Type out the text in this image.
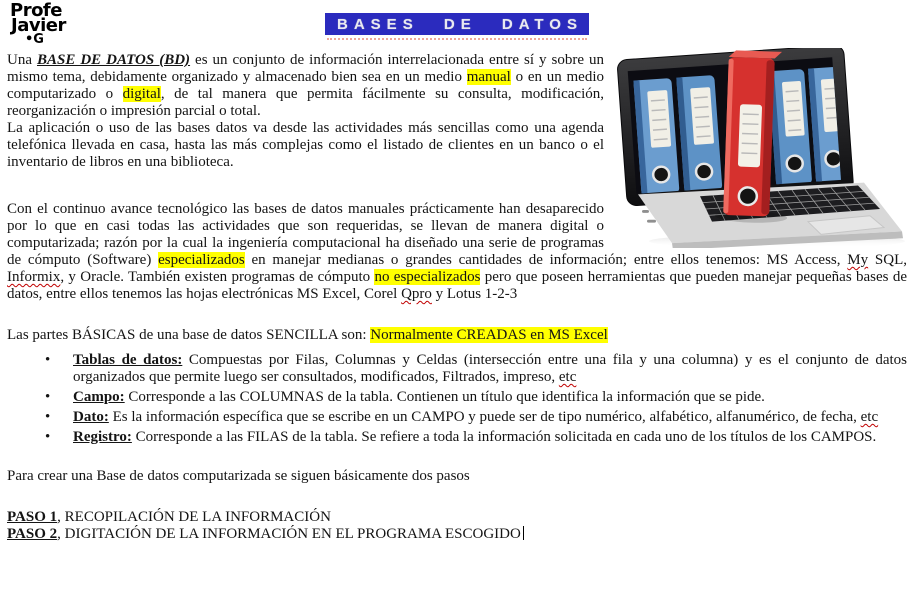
Profe
Javier
•G
BASES DE DATOS

Una BASE DE DATOS (BD) es un conjunto de información interrelacionada entre sí y sobre un mismo tema, debidamente organizado y almacenado bien sea en un medio manual o en un medio computarizado o digital, de tal manera que permita fácilmente su consulta, modificación, reorganización o impresión parcial o total.

La aplicación o uso de las bases datos va desde las actividades más sencillas como una agenda telefónica llevada en casa, hasta las más complejas como el listado de clientes en un banco o el inventario de libros en una biblioteca.

Con el continuo avance tecnológico las bases de datos manuales prácticamente han desaparecido por lo que en casi todas las actividades que son requeridas, se llevan de manera digital o computarizada; razón por la cual la ingeniería computacional ha diseñado una serie de programas de cómputo (Software) especializados en manejar medianas o grandes cantidades de información; entre ellos tenemos: MS Access, My SQL, Informix, y Oracle. También existen programas de cómputo no especializados pero que poseen herramientas que pueden manejar pequeñas bases de datos, entre ellos tenemos las hojas electrónicas MS Excel, Corel Qpro y Lotus 1-2-3

Las partes BÁSICAS de una base de datos SENCILLA son: Normalmente CREADAS en MS Excel

• Tablas de datos: Compuestas por Filas, Columnas y Celdas (intersección entre una fila y una columna) y es el conjunto de datos organizados que permite luego ser consultados, modificados, Filtrados, impreso, etc
• Campo: Corresponde a las COLUMNAS de la tabla. Contienen un título que identifica la información que se pide.
• Dato: Es la información específica que se escribe en un CAMPO y puede ser de tipo numérico, alfabético, alfanumérico, de fecha, etc
• Registro: Corresponde a las FILAS de la tabla. Se refiere a toda la información solicitada en cada uno de los títulos de los CAMPOS.

Para crear una Base de datos computarizada se siguen básicamente dos pasos

PASO 1, RECOPILACIÓN DE LA INFORMACIÓN

PASO 2, DIGITACIÓN DE LA INFORMACIÓN EN EL PROGRAMA ESCOGIDO
